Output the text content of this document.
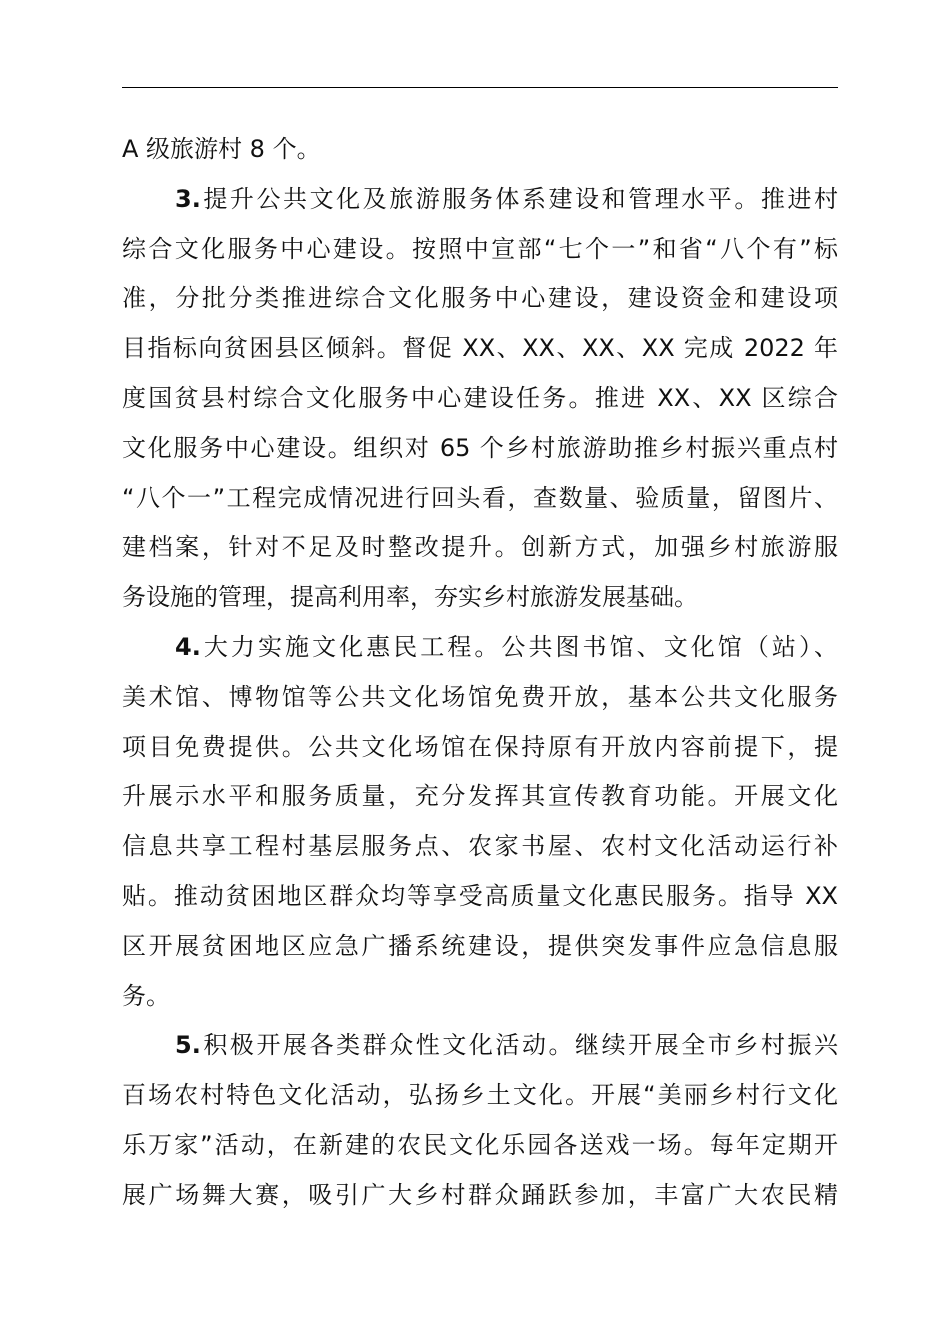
A 级旅游村 8 个。
3.提升公共文化及旅游服务体系建设和管理水平。推进村
综合文化服务中心建设。按照中宣部“七个一”和省“八个有”标
准，分批分类推进综合文化服务中心建设，建设资金和建设项
目指标向贫困县区倾斜。督促 XX、XX、XX、XX 完成 2022 年
度国贫县村综合文化服务中心建设任务。推进 XX、XX 区综合
文化服务中心建设。组织对 65 个乡村旅游助推乡村振兴重点村
“八个一”工程完成情况进行回头看，查数量、验质量，留图片、
建档案，针对不足及时整改提升。创新方式，加强乡村旅游服
务设施的管理，提高利用率，夯实乡村旅游发展基础。
4.大力实施文化惠民工程。公共图书馆、文化馆（站）、
美术馆、博物馆等公共文化场馆免费开放，基本公共文化服务
项目免费提供。公共文化场馆在保持原有开放内容前提下，提
升展示水平和服务质量，充分发挥其宣传教育功能。开展文化
信息共享工程村基层服务点、农家书屋、农村文化活动运行补
贴。推动贫困地区群众均等享受高质量文化惠民服务。指导 XX
区开展贫困地区应急广播系统建设，提供突发事件应急信息服
务。
5.积极开展各类群众性文化活动。继续开展全市乡村振兴
百场农村特色文化活动，弘扬乡土文化。开展“美丽乡村行文化
乐万家”活动，在新建的农民文化乐园各送戏一场。每年定期开
展广场舞大赛，吸引广大乡村群众踊跃参加，丰富广大农民精
